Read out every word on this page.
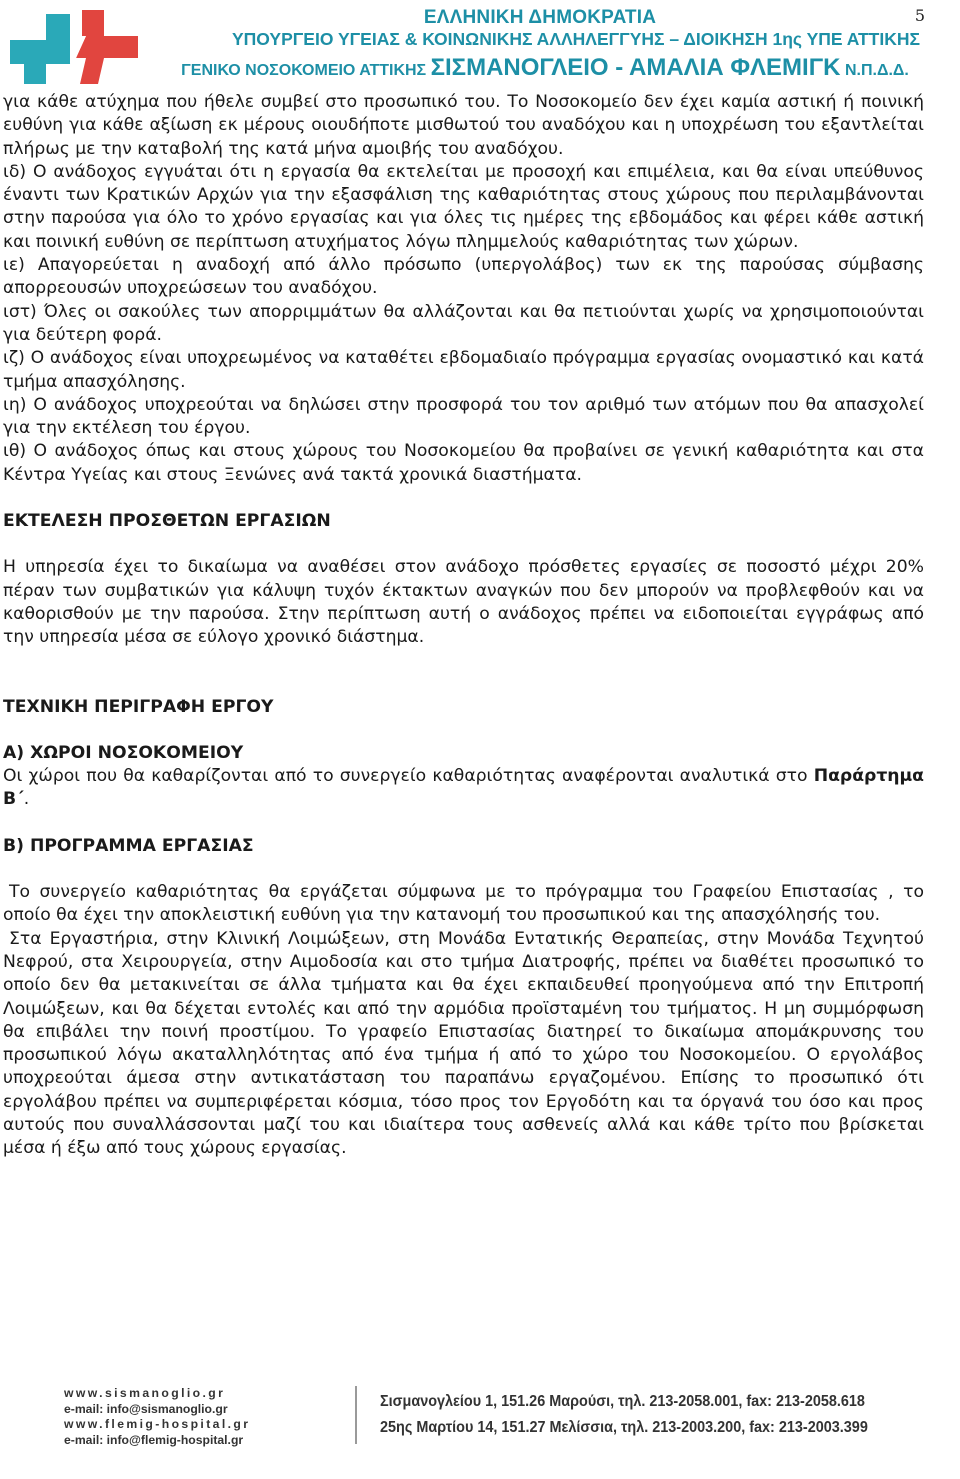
ΕΛΛΗΝΙΚΗ ΔΗΜΟΚΡΑΤΙΑ
ΥΠΟΥΡΓΕΙΟ ΥΓΕΙΑΣ & ΚΟΙΝΩΝΙΚΗΣ ΑΛΛΗΛΕΓΓΥΗΣ – ΔΙΟΙΚΗΣΗ 1ης ΥΠΕ ΑΤΤΙΚΗΣ
ΓΕΝΙΚΟ ΝΟΣΟΚΟΜΕΙΟ ΑΤΤΙΚΗΣ ΣΙΣΜΑΝΟΓΛΕΙΟ - ΑΜΑΛΙΑ ΦΛΕΜΙΓΚ Ν.Π.Δ.Δ.
5

για κάθε ατύχημα που ήθελε συμβεί στο προσωπικό του. Το Νοσοκομείο δεν έχει καμία αστική ή ποινική ευθύνη για κάθε αξίωση εκ μέρους οιουδήποτε μισθωτού του αναδόχου και η υποχρέωση του εξαντλείται πλήρως με την καταβολή της κατά μήνα αμοιβής του αναδόχου.

ιδ) Ο ανάδοχος εγγυάται ότι η εργασία θα εκτελείται με προσοχή και επιμέλεια, και θα είναι υπεύθυνος έναντι των Κρατικών Αρχών για την εξασφάλιση της καθαριότητας στους χώρους που περιλαμβάνονται στην παρούσα για όλο το χρόνο εργασίας και για όλες τις ημέρες της εβδομάδος και φέρει κάθε αστική και ποινική ευθύνη σε περίπτωση ατυχήματος λόγω πλημμελούς καθαριότητας των χώρων.

ιε) Απαγορεύεται η αναδοχή από άλλο πρόσωπο (υπεργολάβος) των εκ της παρούσας σύμβασης απορρεουσών υποχρεώσεων του αναδόχου.

ιστ) Όλες οι σακούλες των απορριμμάτων θα αλλάζονται και θα πετιούνται χωρίς να χρησιμοποιούνται για δεύτερη φορά.

ιζ) Ο ανάδοχος είναι υποχρεωμένος να καταθέτει εβδομαδιαίο πρόγραμμα εργασίας ονομαστικό και κατά τμήμα απασχόλησης.

ιη) Ο ανάδοχος υποχρεούται να δηλώσει στην προσφορά του τον αριθμό των ατόμων που θα απασχολεί για την εκτέλεση του έργου.

ιθ) Ο ανάδοχος όπως και στους χώρους του Νοσοκομείου θα προβαίνει σε γενική καθαριότητα και στα Κέντρα Υγείας και στους Ξενώνες ανά τακτά χρονικά διαστήματα.

ΕΚΤΕΛΕΣΗ ΠΡΟΣΘΕΤΩΝ ΕΡΓΑΣΙΩΝ

Η υπηρεσία έχει το δικαίωμα να αναθέσει στον ανάδοχο πρόσθετες εργασίες σε ποσοστό μέχρι 20% πέραν των συμβατικών για κάλυψη τυχόν έκτακτων αναγκών που δεν μπορούν να προβλεφθούν και να καθορισθούν με την παρούσα. Στην περίπτωση αυτή ο ανάδοχος πρέπει να ειδοποιείται εγγράφως από την υπηρεσία μέσα σε εύλογο χρονικό διάστημα.

ΤΕΧΝΙΚΗ ΠΕΡΙΓΡΑΦΗ ΕΡΓΟΥ
Α) ΧΩΡΟΙ ΝΟΣΟΚΟΜΕΙΟΥ

Οι χώροι που θα καθαρίζονται από το συνεργείο καθαριότητας αναφέρονται αναλυτικά στο Παράρτημα Β΄.

Β) ΠΡΟΓΡΑΜΜΑ ΕΡΓΑΣΙΑΣ

Το συνεργείο καθαριότητας θα εργάζεται σύμφωνα με το πρόγραμμα του Γραφείου Επιστασίας , το οποίο θα έχει την αποκλειστική ευθύνη για την κατανομή του προσωπικού και της απασχόλησής του.

Στα Εργαστήρια, στην Κλινική Λοιμώξεων, στη Μονάδα Εντατικής Θεραπείας, στην Μονάδα Τεχνητού Νεφρού, στα Χειρουργεία, στην Αιμοδοσία και στο τμήμα Διατροφής, πρέπει να διαθέτει προσωπικό το οποίο δεν θα μετακινείται σε άλλα τμήματα και θα έχει εκπαιδευθεί προηγούμενα από την Επιτροπή Λοιμώξεων, και θα δέχεται εντολές και από την αρμόδια προϊσταμένη του τμήματος. Η μη συμμόρφωση θα επιβάλει την ποινή προστίμου. Το γραφείο Επιστασίας διατηρεί το δικαίωμα απομάκρυνσης του προσωπικού λόγω ακαταλληλότητας από ένα τμήμα ή από το χώρο του Νοσοκομείου. Ο εργολάβος υποχρεούται άμεσα στην αντικατάσταση του παραπάνω εργαζομένου. Επίσης το προσωπικό ότι εργολάβου πρέπει να συμπεριφέρεται κόσμια, τόσο προς τον Εργοδότη και τα όργανά του όσο και προς αυτούς που συναλλάσσονται μαζί του και ιδιαίτερα τους ασθενείς αλλά και κάθε τρίτο που βρίσκεται μέσα ή έξω από τους χώρους εργασίας.

www.sismanoglio.gr
e-mail: info@sismanoglio.gr
www.flemig-hospital.gr
e-mail: info@flemig-hospital.gr
Σισμανογλείου 1, 151.26 Μαρούσι, τηλ. 213-2058.001, fax: 213-2058.618
25ης Μαρτίου 14, 151.27 Μελίσσια, τηλ. 213-2003.200, fax: 213-2003.399
